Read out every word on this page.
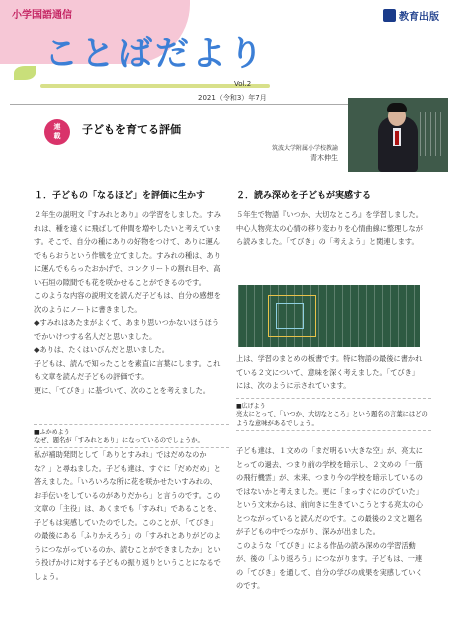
小学国語通信	教育出版
ことばだより
Vol.2
2021（令和3）年7月
連
載 子どもを育てる評価
筑波大学附属小学校教諭
青木伸生
１．子どもの「なるほど」を評価に生かす

２年生の説明文『すみれとあり』の学習をしました。すみれは、種を遠くに飛ばして仲間を増やしたいと考えています。そこで、自分の種にありの好物をつけて、ありに運んでもらおうという作戦を立てました。すみれの種は、ありに運んでもらったおかげで、コンクリートの割れ目や、高い石垣の隙間でも花を咲かせることができるのです。

このような内容の説明文を読んだ子どもは、自分の感想を次のようにノートに書きました。

◆すみれはあたまがよくて、あまり思いつかないほうほうでかいけつする名人だと思いました。

◆ありは、たくはいびんだと思いました。

子どもは、読んで知ったことを素直に言葉にします。これも文章を読んだ子どもの評価です。

更に、「てびき」に基づいて、次のことを考えました。

■ふかめよう
なぜ、題名が「すみれとあり」になっているのでしょうか。

私が補助発問として「ありとすみれ」ではだめなのかな？」と尋ねました。子ども達は、すぐに「だめだめ」と答えました。「いろいろな所に花を咲かせたいすみれの、お手伝いをしているのがありだから」と言うのです。この文章の「主役」は、あくまでも「すみれ」であることを、子どもは実感していたのでした。このことが、「てびき」の最後にある「ふりかえろう」の「すみれとありがどのようにつながっているのか、読むことができましたか」という投げかけに対する子どもの振り返りということになるでしょう。

２．読み深めを子どもが実感する

５年生で物語『いつか、大切なところ』を学習しました。中心人物亮太の心情の移り変わりを心情曲線に整理しながら読みました。「てびき」の「考えよう」と関連します。

上は、学習のまとめの板書です。特に物語の最後に書かれている２文について、意味を深く考えました。「てびき」には、次のように示されています。

■広げよう
亮太にとって、「いつか、大切なところ」という題名の言葉にはどのような意味があるでしょう。

子ども達は、１文めの「まだ明るい大きな空」が、亮太にとっての過去、つまり前の学校を暗示し、２文めの「一筋の飛行機雲」が、未来、つまり今の学校を暗示しているのではないかと考えました。更に「まっすぐにのびていた」という文末からは、前向きに生きていこうとする亮太の心とつながっていると読んだのです。この最後の２文と題名が子どもの中でつながり、深みが出ました。

このような「てびき」による作品の読み深めの学習活動が、後の「ふり返ろう」につながります。子どもは、一連の「てびき」を通して、自分の学びの成果を実感していくのです。
